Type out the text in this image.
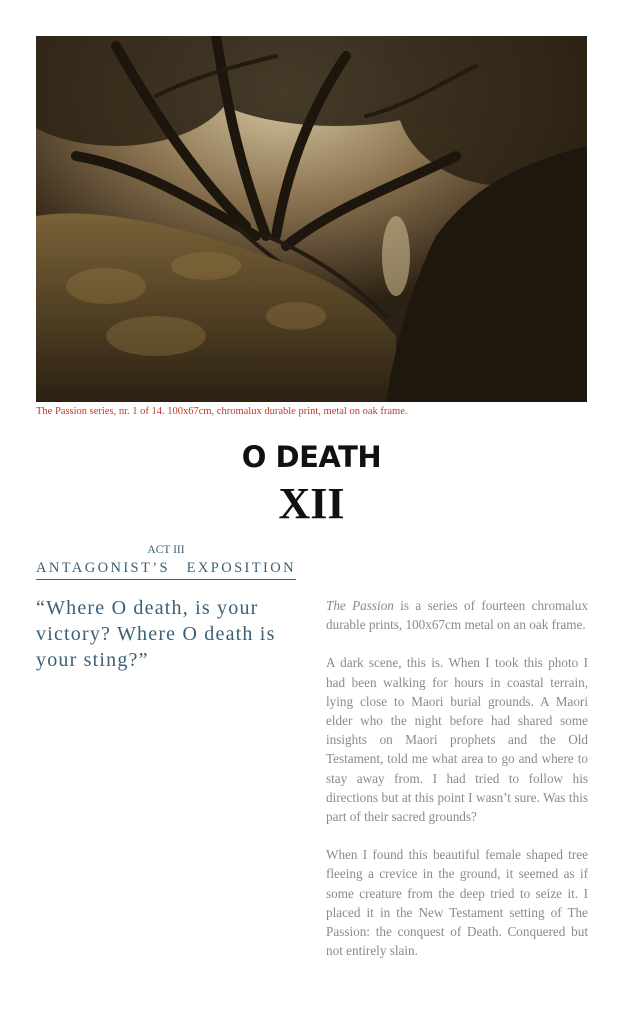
The Passion series, nr. 1 of 14. 100x67cm, chromalux durable print, metal on oak frame.
O DEATH
XII
ACT III
ANTAGONIST’S EXPOSITION
“Where O death, is your victory? Where O death is your sting?”

The Passion is a series of fourteen chromalux durable prints, 100x67cm metal on an oak frame.

A dark scene, this is. When I took this photo I had been walking for hours in coastal terrain, lying close to Maori burial grounds. A Maori elder who the night before had shared some insights on Maori prophets and the Old Testament, told me what area to go and where to stay away from. I had tried to follow his directions but at this point I wasn’t sure. Was this part of their sacred grounds?

When I found this beautiful female shaped tree fleeing a crevice in the ground, it seemed as if some creature from the deep tried to seize it. I placed it in the New Testament setting of The Passion: the conquest of Death. Conquered but not entirely slain.
